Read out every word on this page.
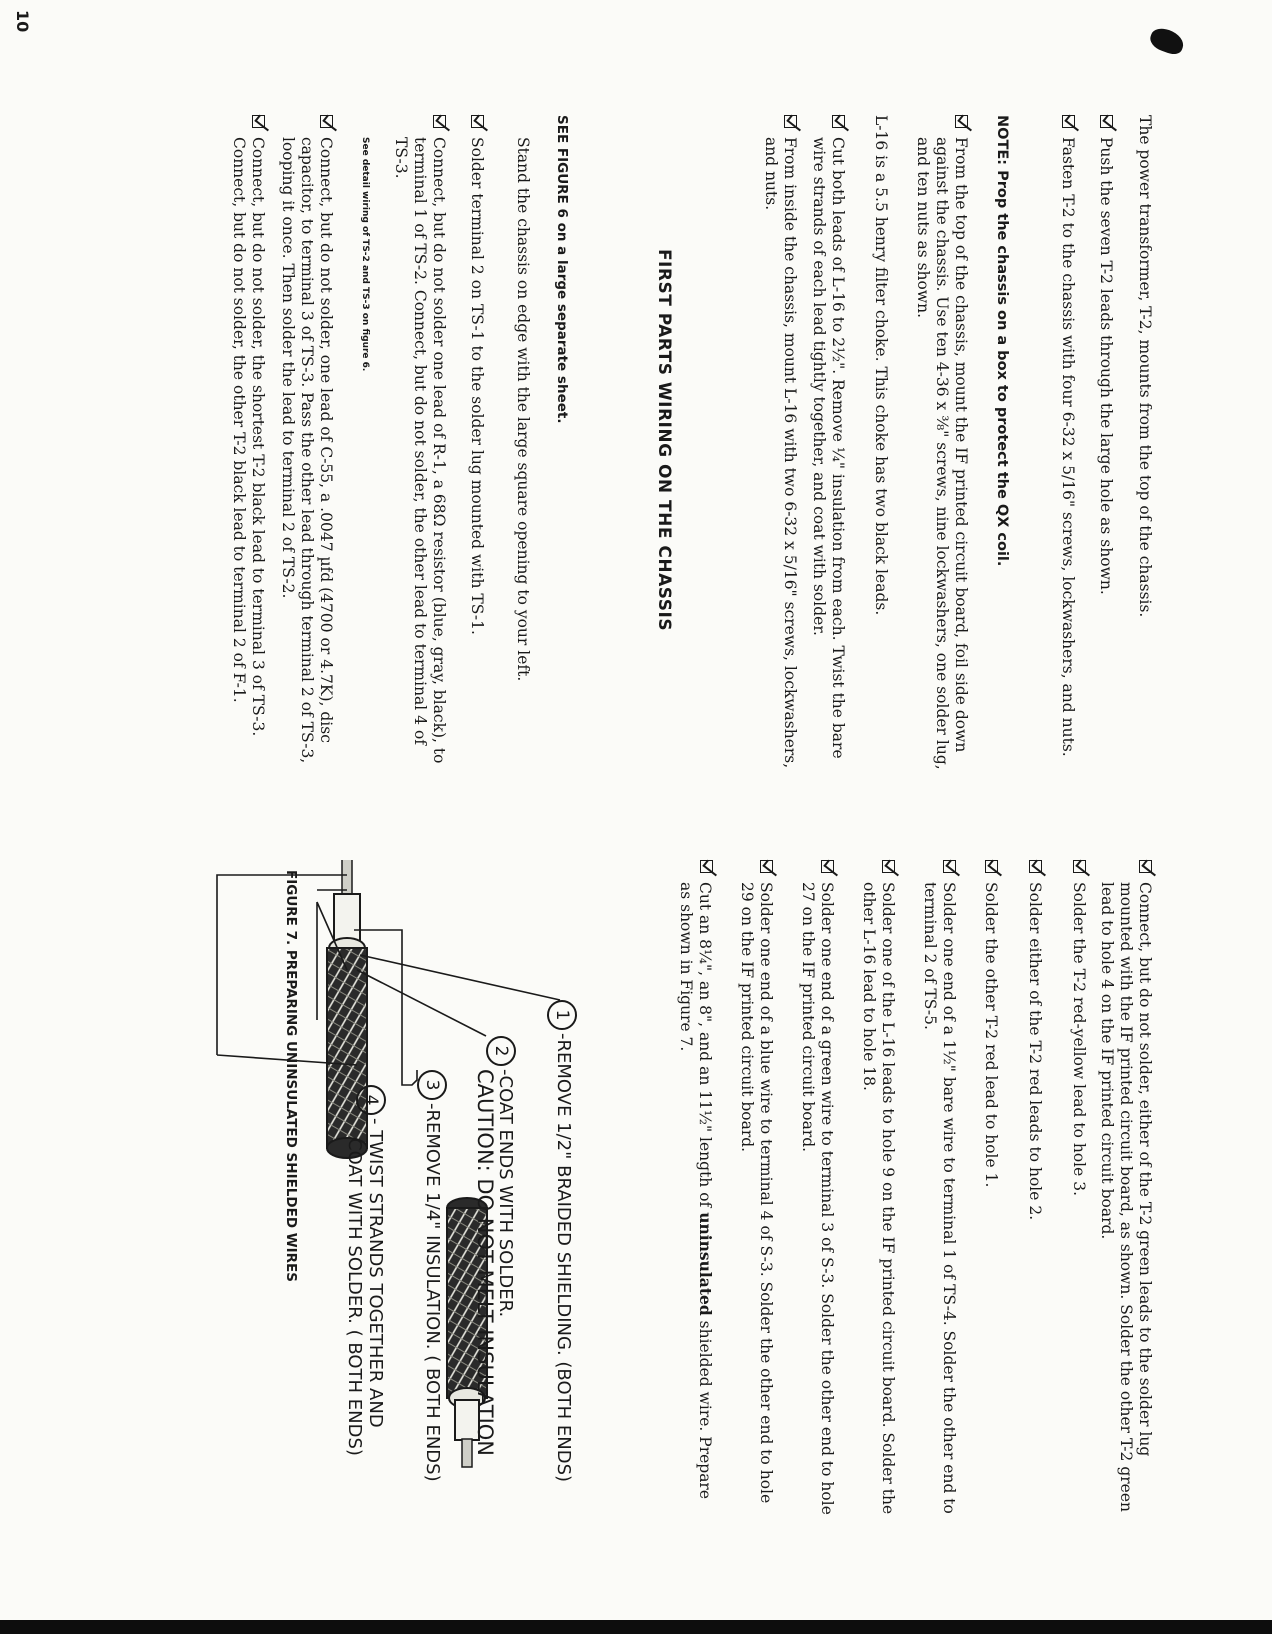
10

The power transformer, T-2, mounts from the top of the chassis.

Push the seven T-2 leads through the large hole as shown.

Fasten T-2 to the chassis with four 6-32 x 5/16" screws, lockwashers, and nuts.

NOTE: Prop the chassis on a box to protect the QX coil.

From the top of the chassis, mount the IF printed circuit board, foil side down against the chassis. Use ten 4-36 x ⅜" screws, nine lockwashers, one solder lug, and ten nuts as shown.

L-16 is a 5.5 henry filter choke. This choke has two black leads.

Cut both leads of L-16 to 2½". Remove ¼" insulation from each. Twist the bare wire strands of each lead tightly together, and coat with solder.

From inside the chassis, mount L-16 with two 6-32 x 5/16" screws, lockwashers, and nuts.

FIRST PARTS WIRING ON THE CHASSIS

SEE FIGURE 6 on a large separate sheet.

Stand the chassis on edge with the large square opening to your left.

Solder terminal 2 on TS-1 to the solder lug mounted with TS-1.

Connect, but do not solder one lead of R-1, a 68Ω resistor (blue, gray, black), to terminal 1 of TS-2. Connect, but do not solder, the other lead to terminal 4 of TS-3.

See detail wiring of TS-2 and TS-3 on figure 6.

Connect, but do not solder, one lead of C-55, a .0047 µfd (4700 or 4.7K), disc capacitor, to terminal 3 of TS-3. Pass the other lead through terminal 2 of TS-3, looping it once. Then solder the lead to terminal 2 of TS-2.

Connect, but do not solder, the shortest T-2 black lead to terminal 3 of TS-3. Connect, but do not solder, the other T-2 black lead to terminal 2 of F-1.

Connect, but do not solder, either of the T-2 green leads to the solder lug mounted with the IF printed circuit board, as shown. Solder the other T-2 green lead to hole 4 on the IF printed circuit board.

Solder the T-2 red-yellow lead to hole 3.

Solder either of the T-2 red leads to hole 2.

Solder the other T-2 red lead to hole 1.

Solder one end of a 1½" bare wire to terminal 1 of TS-4. Solder the other end to terminal 2 of TS-5.

Solder one of the L-16 leads to hole 9 on the IF printed circuit board. Solder the other L-16 lead to hole 18.

Solder one end of a green wire to terminal 3 of S-3. Solder the other end to hole 27 on the IF printed circuit board.

Solder one end of a blue wire to terminal 4 of S-3. Solder the other end to hole 29 on the IF printed circuit board.

Cut an 8¼", an 8", and an 11½" length of uninsulated shielded wire. Prepare as shown in Figure 7.

1
-REMOVE 1/2" BRAIDED SHIELDING. (BOTH ENDS)
2
-COAT ENDS WITH SOLDER.
CAUTION: DO NOT MELT INSULATION
3
-REMOVE 1/4" INSULATION. ( BOTH ENDS)
4
- TWIST STRANDS TOGETHER AND
COAT WITH SOLDER. ( BOTH ENDS)
FIGURE 7. PREPARING UNINSULATED SHIELDED WIRES
